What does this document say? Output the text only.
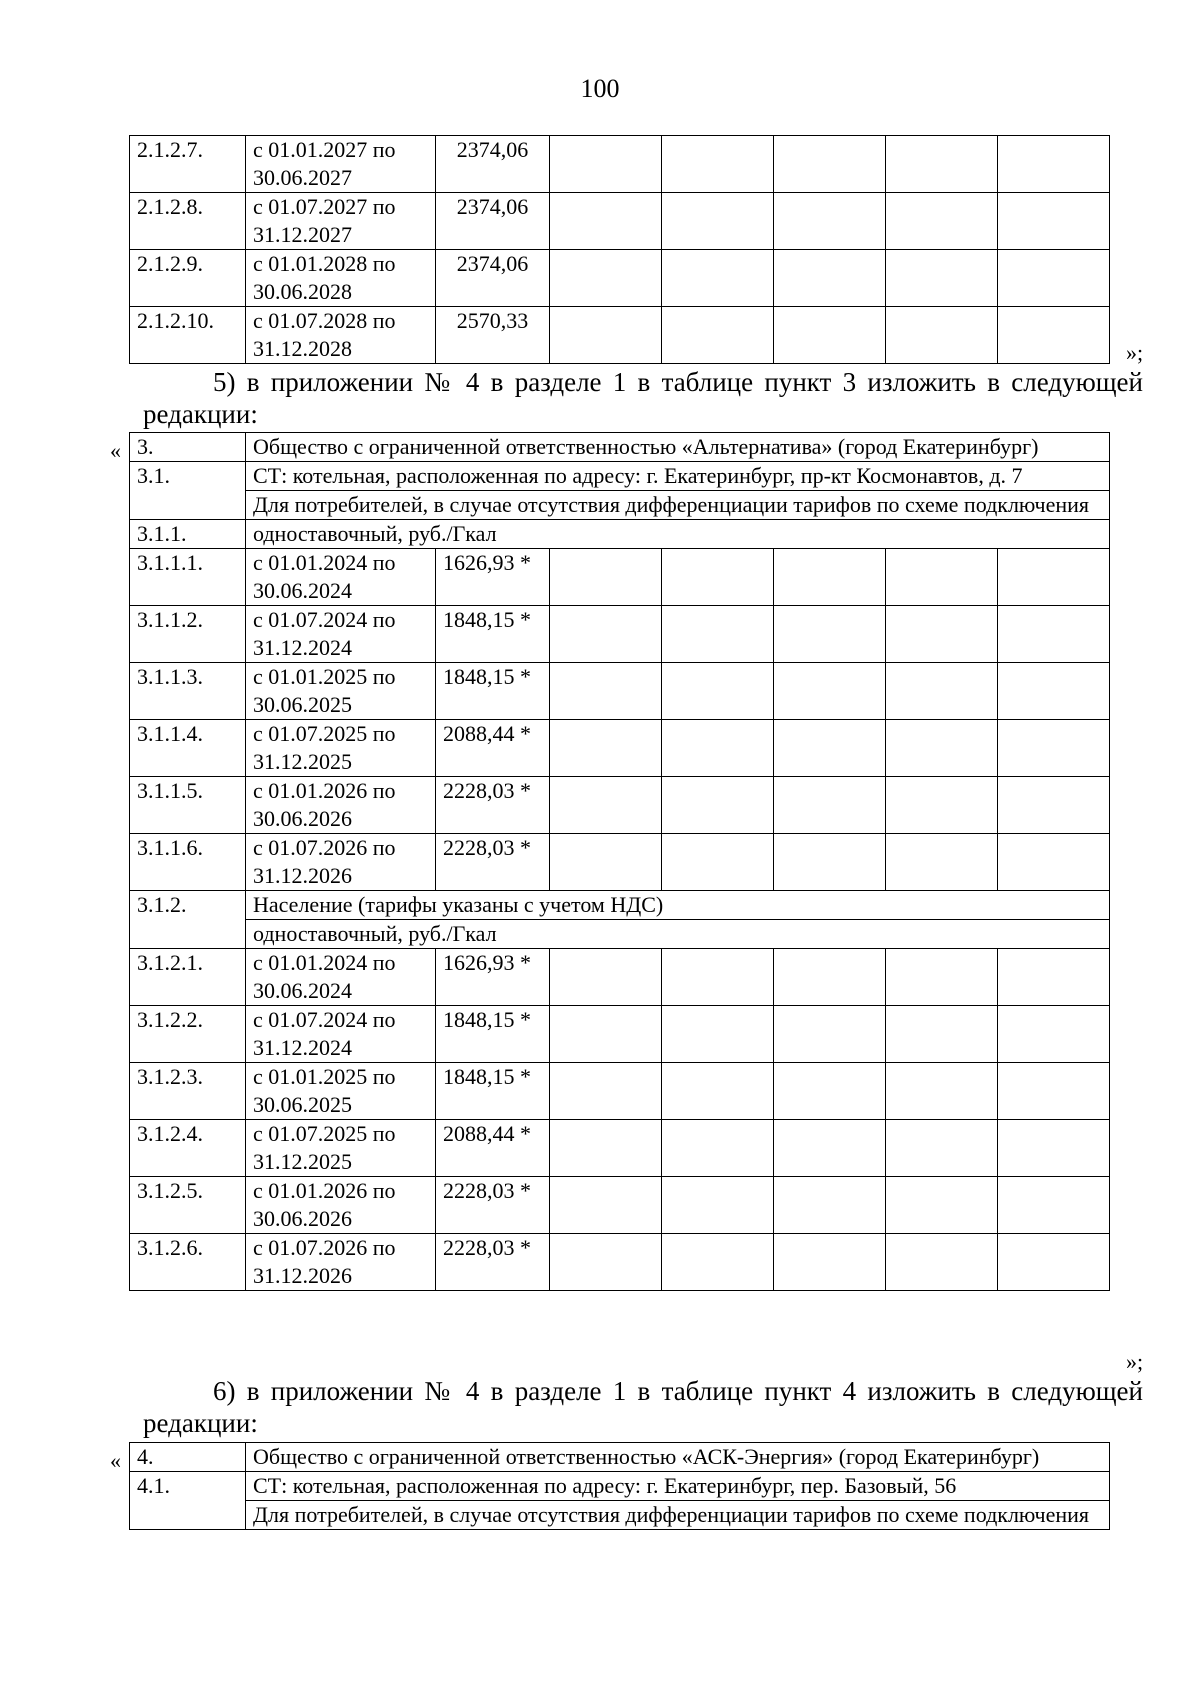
100
2.1.2.7.	с 01.01.2027 по 30.06.2027	2374,06					
2.1.2.8.	с 01.07.2027 по 31.12.2027	2374,06					
2.1.2.9.	с 01.01.2028 по 30.06.2028	2374,06					
2.1.2.10.	с 01.07.2028 по 31.12.2028	2570,33					
»;
5) в приложении № 4 в разделе 1 в таблице пункт 3 изложить в следующей
редакции:
« 3.	Общество с ограниченной ответственностью «Альтернатива» (город Екатеринбург)						
3.1.	СТ: котельная, расположенная по адресу: г. Екатеринбург, пр-кт Космонавтов, д. 7						
	Для потребителей, в случае отсутствия дифференциации тарифов по схеме подключения						
3.1.1.	одноставочный, руб./Гкал						
3.1.1.1.	с 01.01.2024 по 30.06.2024	1626,93 *					
3.1.1.2.	с 01.07.2024 по 31.12.2024	1848,15 *					
3.1.1.3.	с 01.01.2025 по 30.06.2025	1848,15 *					
3.1.1.4.	с 01.07.2025 по 31.12.2025	2088,44 *					
3.1.1.5.	с 01.01.2026 по 30.06.2026	2228,03 *					
3.1.1.6.	с 01.07.2026 по 31.12.2026	2228,03 *					
3.1.2.	Население (тарифы указаны с учетом НДС)						
	одноставочный, руб./Гкал						
3.1.2.1.	с 01.01.2024 по 30.06.2024	1626,93 *					
3.1.2.2.	с 01.07.2024 по 31.12.2024	1848,15 *					
3.1.2.3.	с 01.01.2025 по 30.06.2025	1848,15 *					
3.1.2.4.	с 01.07.2025 по 31.12.2025	2088,44 *					
3.1.2.5.	с 01.01.2026 по 30.06.2026	2228,03 *					
3.1.2.6.	с 01.07.2026 по 31.12.2026	2228,03 *					
»;
6) в приложении № 4 в разделе 1 в таблице пункт 4 изложить в следующей
редакции:
« 4.	Общество с ограниченной ответственностью «АСК-Энергия» (город Екатеринбург)
4.1.	СТ: котельная, расположенная по адресу: г. Екатеринбург, пер. Базовый, 56
	Для потребителей, в случае отсутствия дифференциации тарифов по схеме подключения
